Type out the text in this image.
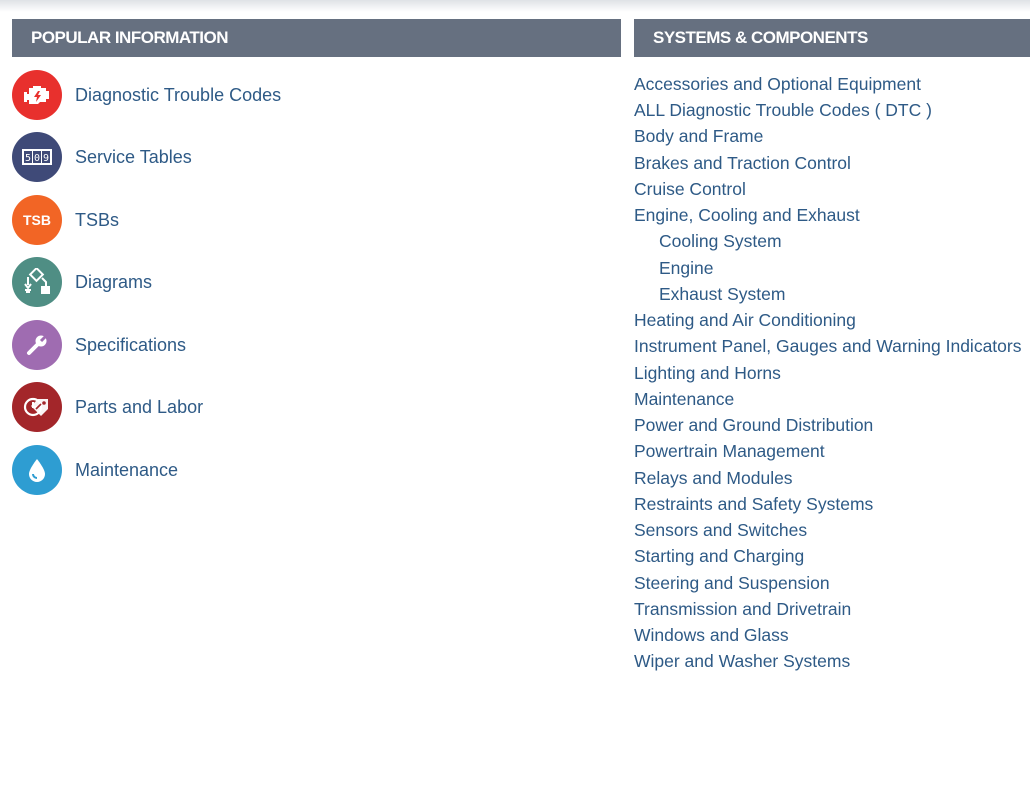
POPULAR INFORMATION	SYSTEMS & COMPONENTS
Diagnostic Trouble Codes
5 0 9 Service Tables
TSB TSBs
Diagrams
Specifications
Parts and Labor
Maintenance
Accessories and Optional Equipment
ALL Diagnostic Trouble Codes ( DTC )
Body and Frame
Brakes and Traction Control
Cruise Control
Engine, Cooling and Exhaust
Cooling System
Engine
Exhaust System
Heating and Air Conditioning
Instrument Panel, Gauges and Warning Indicators
Lighting and Horns
Maintenance
Power and Ground Distribution
Powertrain Management
Relays and Modules
Restraints and Safety Systems
Sensors and Switches
Starting and Charging
Steering and Suspension
Transmission and Drivetrain
Windows and Glass
Wiper and Washer Systems
